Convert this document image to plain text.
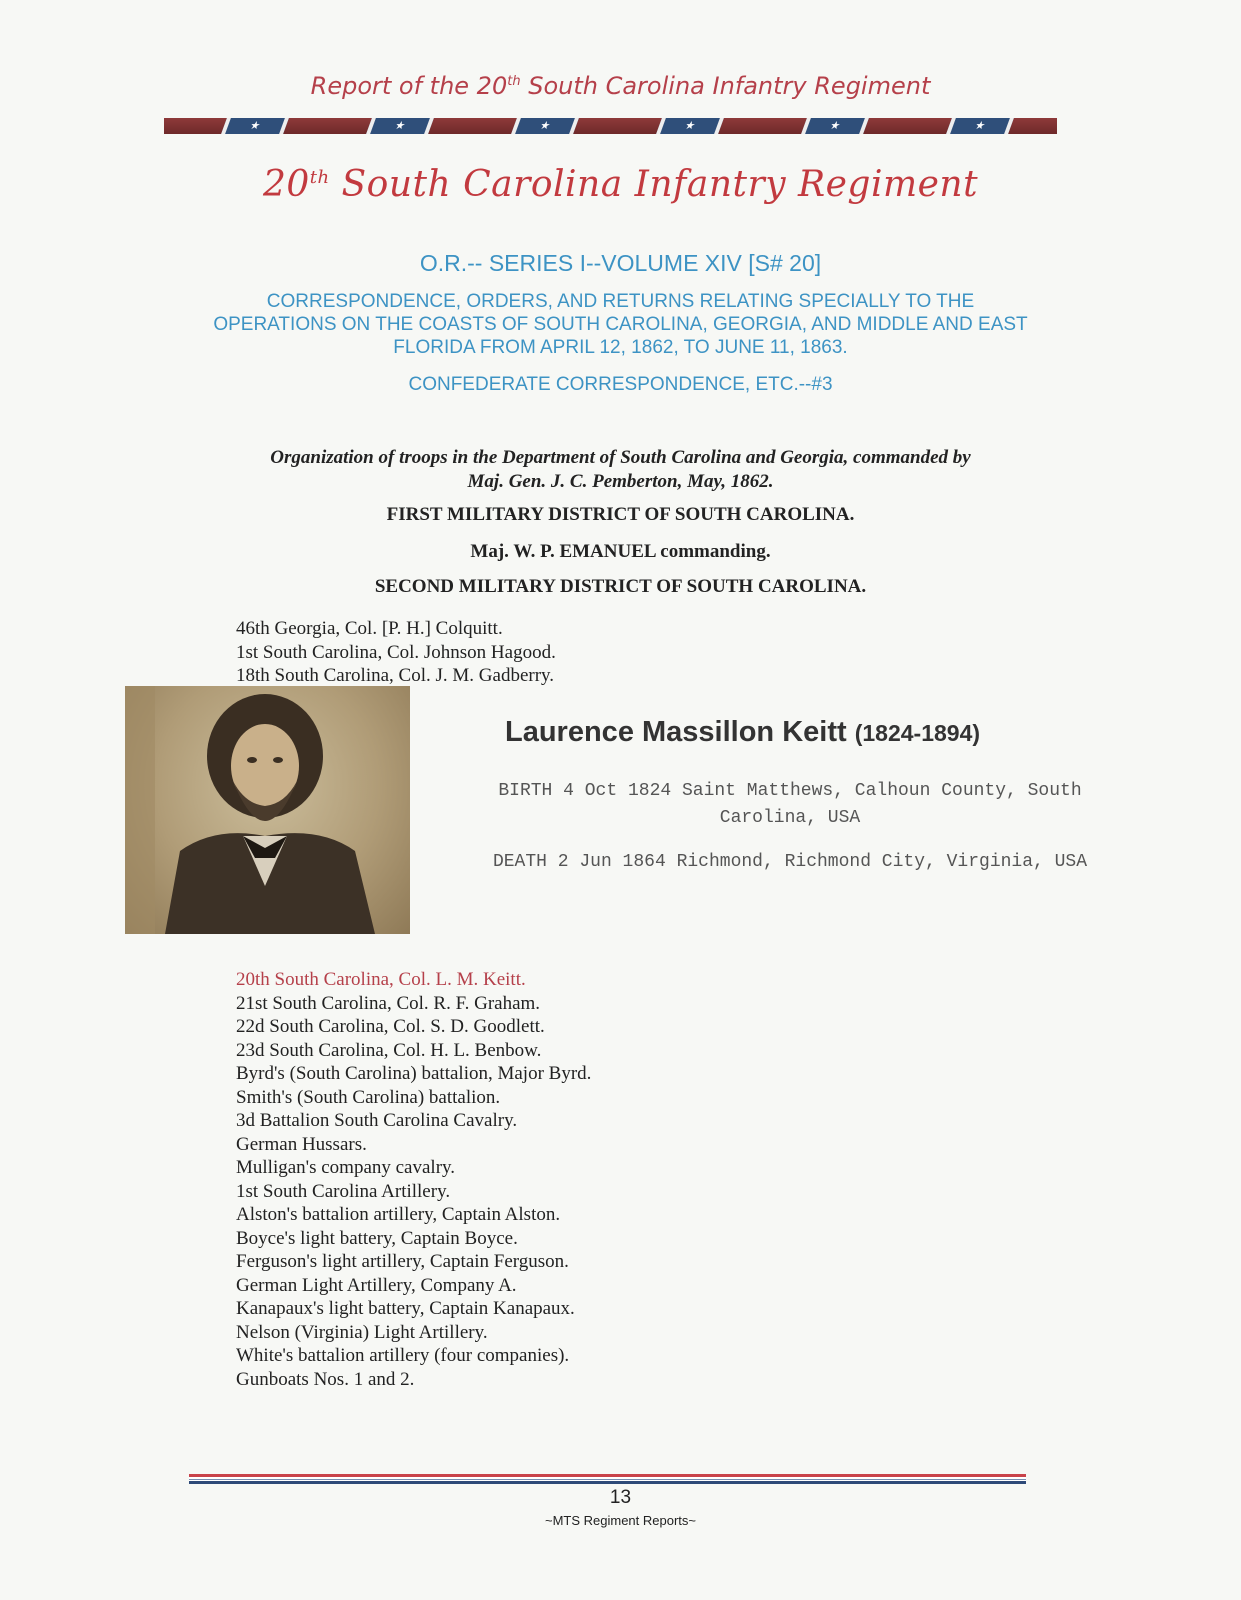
Report of the 20th South Carolina Infantry Regiment
★	★	★	★	★	★
20th South Carolina Infantry Regiment
O.R.-- SERIES I--VOLUME XIV [S# 20]
CORRESPONDENCE, ORDERS, AND RETURNS RELATING SPECIALLY TO THE
OPERATIONS ON THE COASTS OF SOUTH CAROLINA, GEORGIA, AND MIDDLE AND EAST
FLORIDA FROM APRIL 12, 1862, TO JUNE 11, 1863.
CONFEDERATE CORRESPONDENCE, ETC.--#3
Organization of troops in the Department of South Carolina and Georgia, commanded by
Maj. Gen. J. C. Pemberton, May, 1862.
FIRST MILITARY DISTRICT OF SOUTH CAROLINA.
Maj. W. P. EMANUEL commanding.
SECOND MILITARY DISTRICT OF SOUTH CAROLINA.
46th Georgia, Col. [P. H.] Colquitt.
1st South Carolina, Col. Johnson Hagood.
18th South Carolina, Col. J. M. Gadberry.
Laurence Massillon Keitt (1824-1894)
BIRTH 4 Oct 1824 Saint Matthews, Calhoun County, South
Carolina, USA
DEATH 2 Jun 1864 Richmond, Richmond City, Virginia, USA
20th South Carolina, Col. L. M. Keitt.
21st South Carolina, Col. R. F. Graham.
22d South Carolina, Col. S. D. Goodlett.
23d South Carolina, Col. H. L. Benbow.
Byrd's (South Carolina) battalion, Major Byrd.
Smith's (South Carolina) battalion.
3d Battalion South Carolina Cavalry.
German Hussars.
Mulligan's company cavalry.
1st South Carolina Artillery.
Alston's battalion artillery, Captain Alston.
Boyce's light battery, Captain Boyce.
Ferguson's light artillery, Captain Ferguson.
German Light Artillery, Company A.
Kanapaux's light battery, Captain Kanapaux.
Nelson (Virginia) Light Artillery.
White's battalion artillery (four companies).
Gunboats Nos. 1 and 2.
13
~MTS Regiment Reports~
